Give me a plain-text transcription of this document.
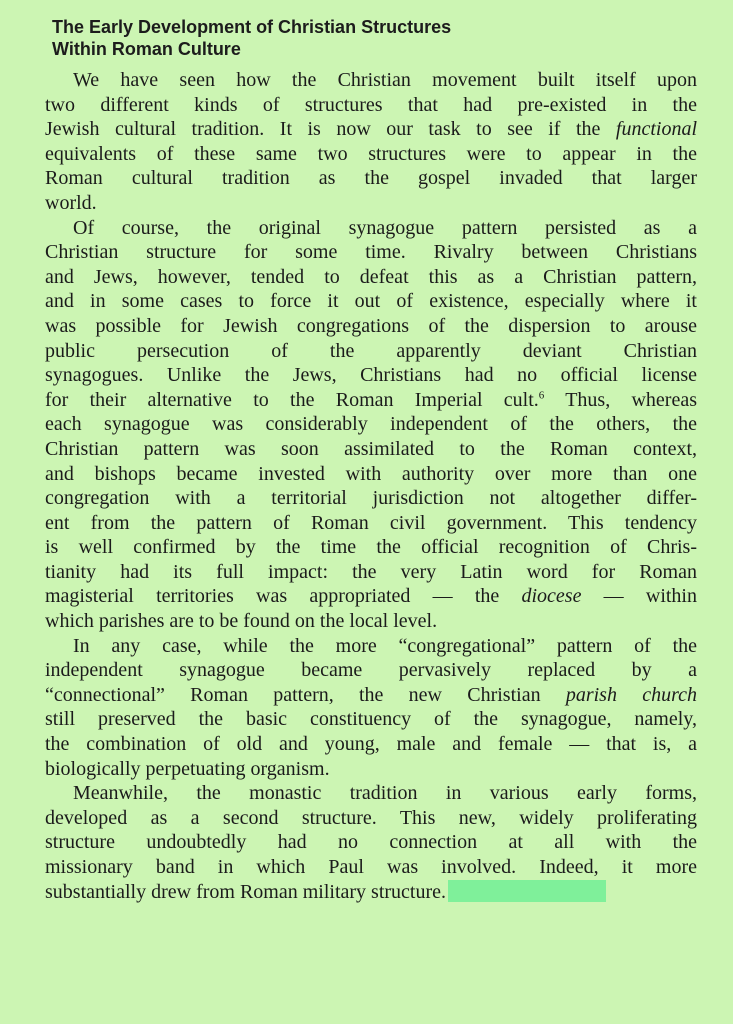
The Early Development of Christian Structures
Within Roman Culture

We have seen how the Christian movement built itself upon
two different kinds of structures that had pre-existed in the
Jewish cultural tradition. It is now our task to see if the functional
equivalents of these same two structures were to appear in the
Roman cultural tradition as the gospel invaded that larger
world.

Of course, the original synagogue pattern persisted as a
Christian structure for some time. Rivalry between Christians
and Jews, however, tended to defeat this as a Christian pattern,
and in some cases to force it out of existence, especially where it
was possible for Jewish congregations of the dispersion to arouse
public persecution of the apparently deviant Christian
synagogues. Unlike the Jews, Christians had no official license
for their alternative to the Roman Imperial cult.$^6$ Thus, whereas
each synagogue was considerably independent of the others, the
Christian pattern was soon assimilated to the Roman context,
and bishops became invested with authority over more than one
congregation with a territorial jurisdiction not altogether differ-
ent from the pattern of Roman civil government. This tendency
is well confirmed by the time the official recognition of Chris-
tianity had its full impact: the very Latin word for Roman
magisterial territories was appropriated — the diocese — within
which parishes are to be found on the local level.

In any case, while the more “congregational” pattern of the
independent synagogue became pervasively replaced by a
“connectional” Roman pattern, the new Christian parish church
still preserved the basic constituency of the synagogue, namely,
the combination of old and young, male and female — that is, a
biologically perpetuating organism.

Meanwhile, the monastic tradition in various early forms,
developed as a second structure. This new, widely proliferating
structure undoubtedly had no connection at all with the
missionary band in which Paul was involved. Indeed, it more
substantially drew from Roman military structure.
